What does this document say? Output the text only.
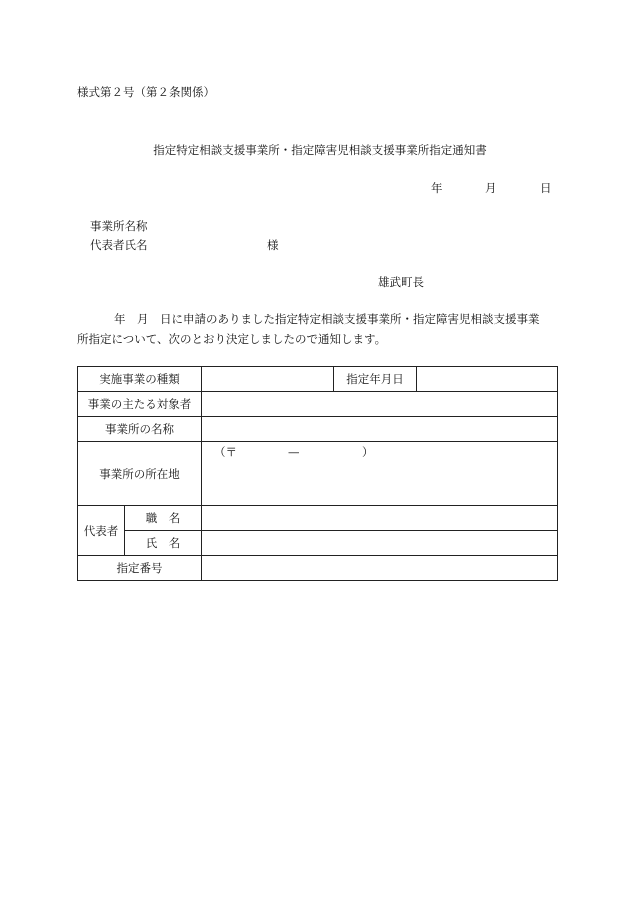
様式第２号（第２条関係）
指定特定相談支援事業所・指定障害児相談支援事業所指定通知書
年	月	日
事業所名称
代表者氏名	様
雄武町長
年　月　日に申請のありました指定特定相談支援事業所・指定障害児相談支援事業
所指定について、次のとおり決定しましたので通知します。
実施事業の種類			指定年月日	
事業の主たる対象者				
事業所の名称				
事業所の所在地		（〒 — ）		
代表者	職　名			
	氏　名			
指定番号				
